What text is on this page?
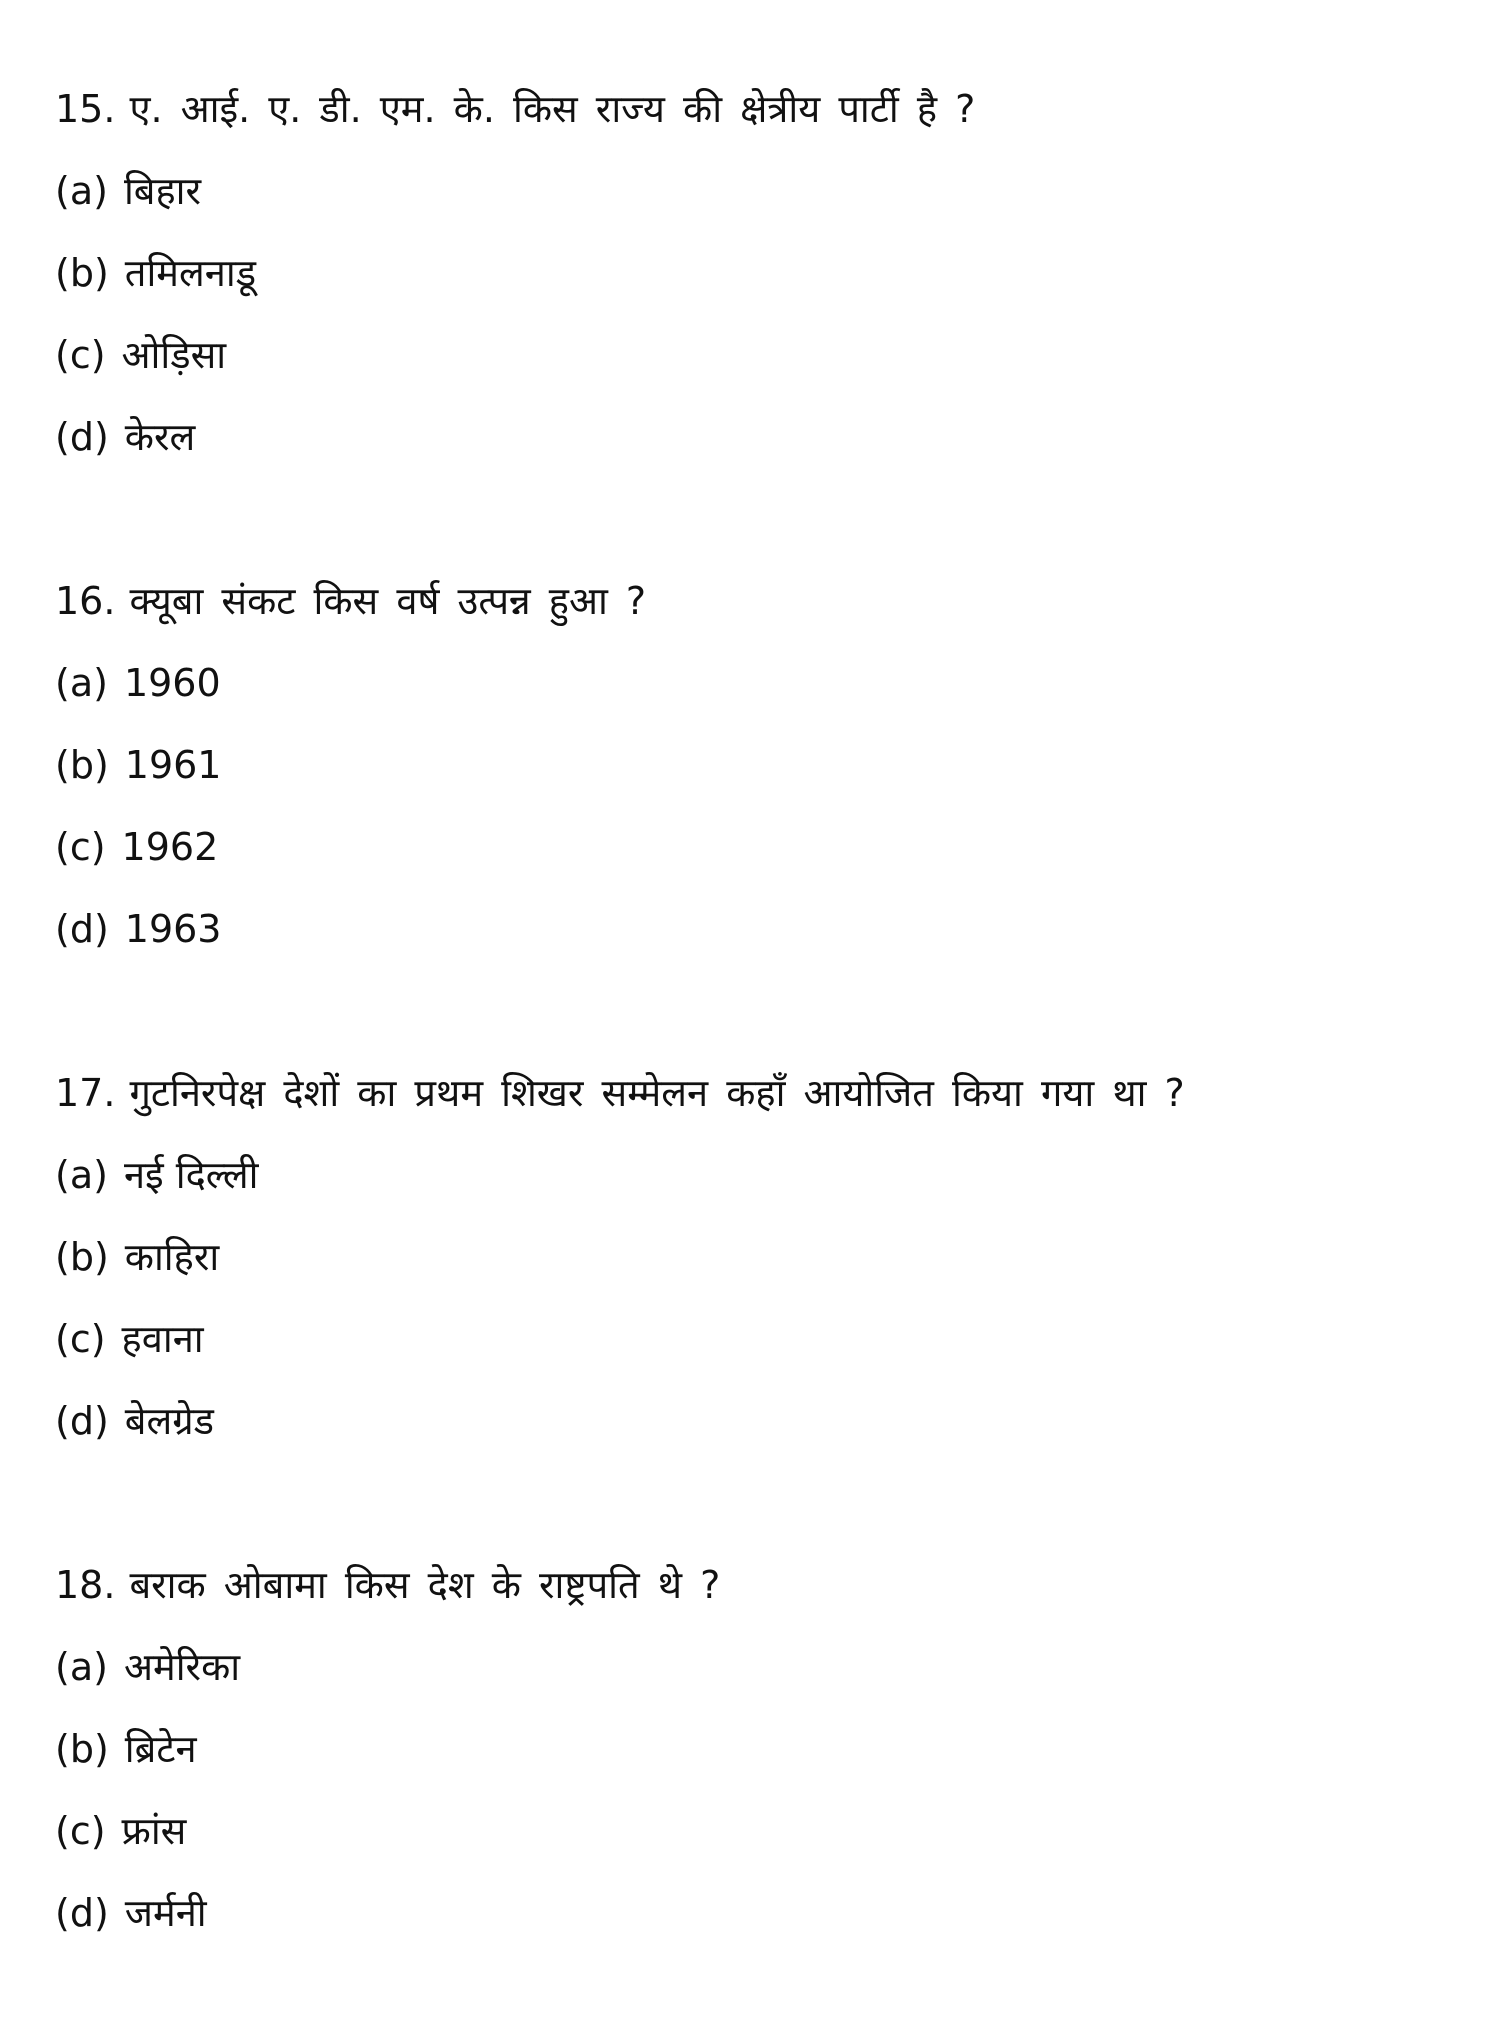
15. ए. आई. ए. डी. एम. के. किस राज्य की क्षेत्रीय पार्टी है ?
(a) बिहार
(b) तमिलनाडू
(c) ओड़िसा
(d) केरल
16. क्यूबा संकट किस वर्ष उत्पन्न हुआ ?
(a) 1960
(b) 1961
(c) 1962
(d) 1963
17. गुटनिरपेक्ष देशों का प्रथम शिखर सम्मेलन कहाँ आयोजित किया गया था ?
(a) नई दिल्ली
(b) काहिरा
(c) हवाना
(d) बेलग्रेड
18. बराक ओबामा किस देश के राष्ट्रपति थे ?
(a) अमेरिका
(b) ब्रिटेन
(c) फ्रांस
(d) जर्मनी
